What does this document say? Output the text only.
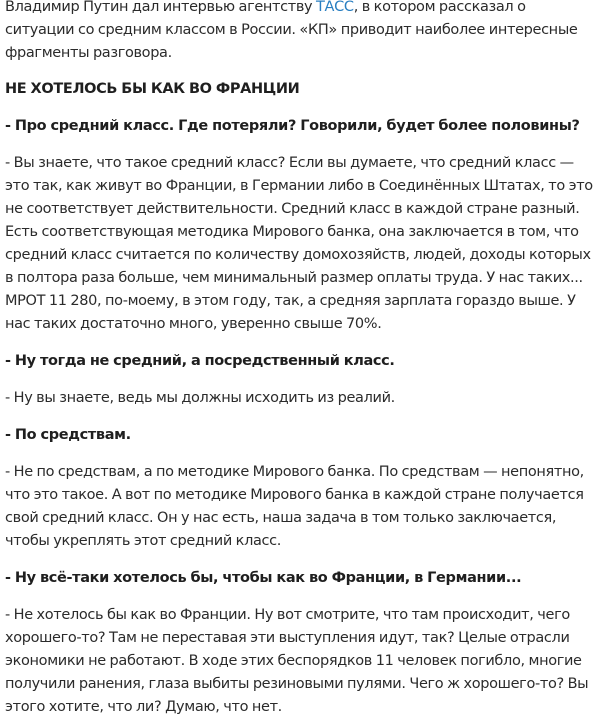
Владимир Путин дал интервью агентству ТАСС, в котором рассказал о ситуации со средним классом в России. «КП» приводит наиболее интересные фрагменты разговора.

НЕ ХОТЕЛОСЬ БЫ КАК ВО ФРАНЦИИ

- Про средний класс. Где потеряли? Говорили, будет более половины?

- Вы знаете, что такое средний класс? Если вы думаете, что средний класс — это так, как живут во Франции, в Германии либо в Соединённых Штатах, то это не соответствует действительности. Средний класс в каждой стране разный. Есть соответствующая методика Мирового банка, она заключается в том, что средний класс считается по количеству домохозяйств, людей, доходы которых в полтора раза больше, чем минимальный размер оплаты труда. У нас таких... МРОТ 11 280, по-моему, в этом году, так, а средняя зарплата гораздо выше. У нас таких достаточно много, уверенно свыше 70%.

- Ну тогда не средний, а посредственный класс.

- Ну вы знаете, ведь мы должны исходить из реалий.

- По средствам.

- Не по средствам, а по методике Мирового банка. По средствам — непонятно, что это такое. А вот по методике Мирового банка в каждой стране получается свой средний класс. Он у нас есть, наша задача в том только заключается, чтобы укреплять этот средний класс.

- Ну всё-таки хотелось бы, чтобы как во Франции, в Германии...

- Не хотелось бы как во Франции. Ну вот смотрите, что там происходит, чего хорошего-то? Там не переставая эти выступления идут, так? Целые отрасли экономики не работают. В ходе этих беспорядков 11 человек погибло, многие получили ранения, глаза выбиты резиновыми пулями. Чего ж хорошего-то? Вы этого хотите, что ли? Думаю, что нет.
